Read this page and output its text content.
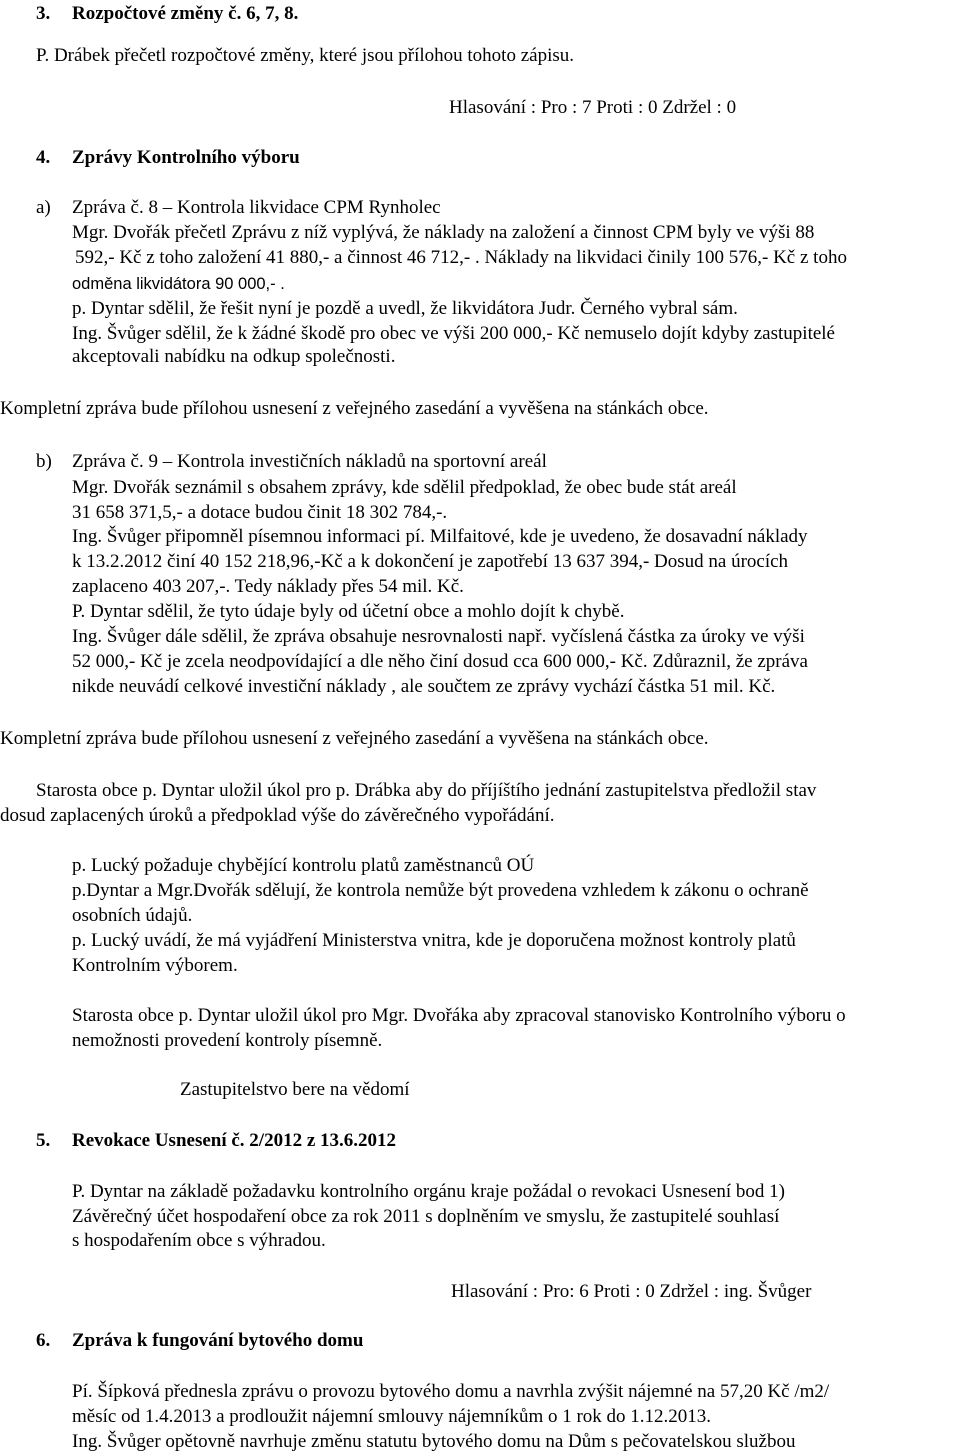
3. Rozpočtové změny č. 6, 7, 8.
P. Drábek přečetl rozpočtové změny, které jsou přílohou tohoto zápisu.
Hlasování : Pro : 7 Proti : 0 Zdržel : 0
4. Zprávy Kontrolního výboru
a) Zpráva č. 8 – Kontrola likvidace CPM Rynholec
Mgr. Dvořák přečetl Zprávu z níž vyplývá, že náklady na založení a činnost CPM byly ve výši 88
592,- Kč z toho založení 41 880,- a činnost 46 712,- . Náklady na likvidaci činily 100 576,- Kč z toho
odměna likvidátora 90 000,- .
p. Dyntar sdělil, že řešit nyní je pozdě a uvedl, že likvidátora Judr. Černého vybral sám.
Ing. Švůger sdělil, že k žádné škodě pro obec ve výši 200 000,- Kč nemuselo dojít kdyby zastupitelé
akceptovali nabídku na odkup společnosti.
Kompletní zpráva bude přílohou usnesení z veřejného zasedání a vyvěšena na stánkách obce.
b) Zpráva č. 9 – Kontrola investičních nákladů na sportovní areál
Mgr. Dvořák seznámil s obsahem zprávy, kde sdělil předpoklad, že obec bude stát areál
31 658 371,5,- a dotace budou činit 18 302 784,-.
Ing. Švůger připomněl písemnou informaci pí. Milfaitové, kde je uvedeno, že dosavadní náklady
k 13.2.2012 činí 40 152 218,96,-Kč a k dokončení je zapotřebí 13 637 394,- Dosud na úrocích
zaplaceno 403 207,-. Tedy náklady přes 54 mil. Kč.
P. Dyntar sdělil, že tyto údaje byly od účetní obce a mohlo dojít k chybě.
Ing. Švůger dále sdělil, že zpráva obsahuje nesrovnalosti např. vyčíslená částka za úroky ve výši
52 000,- Kč je zcela neodpovídající a dle něho činí dosud cca 600 000,- Kč. Zdůraznil, že zpráva
nikde neuvádí celkové investiční náklady , ale součtem ze zprávy vychází částka 51 mil. Kč.
Kompletní zpráva bude přílohou usnesení z veřejného zasedání a vyvěšena na stánkách obce.
Starosta obce p. Dyntar uložil úkol pro p. Drábka aby do příjíštího jednání zastupitelstva předložil stav
dosud zaplacených úroků a předpoklad výše do závěrečného vypořádání.
p. Lucký požaduje chybějící kontrolu platů zaměstnanců OÚ
p.Dyntar a Mgr.Dvořák sdělují, že kontrola nemůže být provedena vzhledem k zákonu o ochraně
osobních údajů.
p. Lucký uvádí, že má vyjádření Ministerstva vnitra, kde je doporučena možnost kontroly platů
Kontrolním výborem.
Starosta obce p. Dyntar uložil úkol pro Mgr. Dvořáka aby zpracoval stanovisko Kontrolního výboru o
nemožnosti provedení kontroly písemně.
Zastupitelstvo bere na vědomí
5. Revokace Usnesení č. 2/2012 z 13.6.2012
P. Dyntar na základě požadavku kontrolního orgánu kraje požádal o revokaci Usnesení bod 1)
Závěrečný účet hospodaření obce za rok 2011 s doplněním ve smyslu, že zastupitelé souhlasí
s hospodařením obce s výhradou.
Hlasování : Pro: 6 Proti : 0 Zdržel : ing. Švůger
6. Zpráva k fungování bytového domu
Pí. Šípková přednesla zprávu o provozu bytového domu a navrhla zvýšit nájemné na 57,20 Kč /m2/
měsíc od 1.4.2013 a prodloužit nájemní smlouvy nájemníkům o 1 rok do 1.12.2013.
Ing. Švůger opětovně navrhuje změnu statutu bytového domu na Dům s pečovatelskou službou
